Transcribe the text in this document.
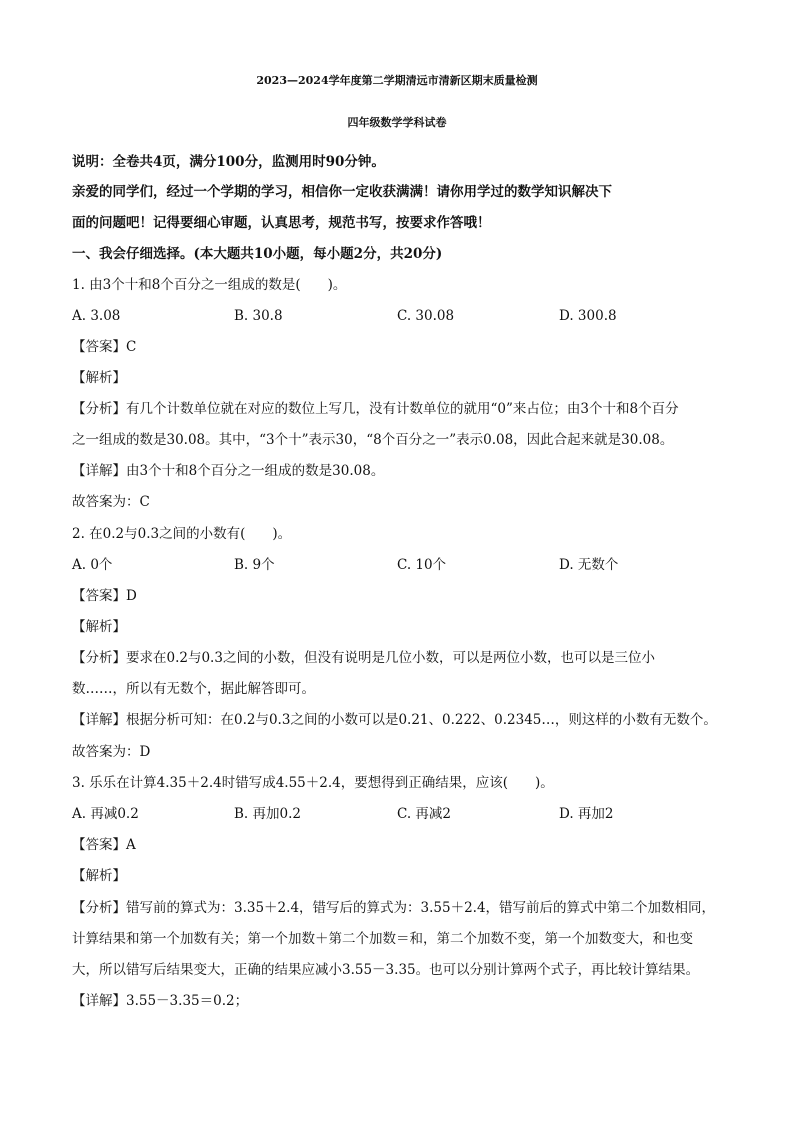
2023—2024学年度第二学期清远市清新区期末质量检测
四年级数学学科试卷
说明：全卷共4页，满分100分，监测用时90分钟。
亲爱的同学们，经过一个学期的学习，相信你一定收获满满！请你用学过的数学知识解决下
面的问题吧！记得要细心审题，认真思考，规范书写，按要求作答哦！
一、我会仔细选择。(本大题共10小题，每小题2分，共20分)
1. 由3个十和8个百分之一组成的数是(　　)。
A. 3.08	B. 30.8	C. 30.08	D. 300.8
【答案】C
【解析】
【分析】有几个计数单位就在对应的数位上写几，没有计数单位的就用“0”来占位；由3个十和8个百分
之一组成的数是30.08。其中，“3个十”表示30，“8个百分之一”表示0.08，因此合起来就是30.08。
【详解】由3个十和8个百分之一组成的数是30.08。
故答案为：C
2. 在0.2与0.3之间的小数有(　　)。
A. 0个	B. 9个	C. 10个	D. 无数个
【答案】D
【解析】
【分析】要求在0.2与0.3之间的小数，但没有说明是几位小数，可以是两位小数，也可以是三位小
数……，所以有无数个，据此解答即可。
【详解】根据分析可知：在0.2与0.3之间的小数可以是0.21、0.222、0.2345…，则这样的小数有无数个。
故答案为：D
3. 乐乐在计算4.35＋2.4时错写成4.55＋2.4，要想得到正确结果，应该(　　)。
A. 再减0.2	B. 再加0.2	C. 再减2	D. 再加2
【答案】A
【解析】
【分析】错写前的算式为：3.35＋2.4，错写后的算式为：3.55＋2.4，错写前后的算式中第二个加数相同，
计算结果和第一个加数有关；第一个加数＋第二个加数＝和，第二个加数不变，第一个加数变大，和也变
大，所以错写后结果变大，正确的结果应减小3.55－3.35。也可以分别计算两个式子，再比较计算结果。
【详解】3.55－3.35＝0.2；
